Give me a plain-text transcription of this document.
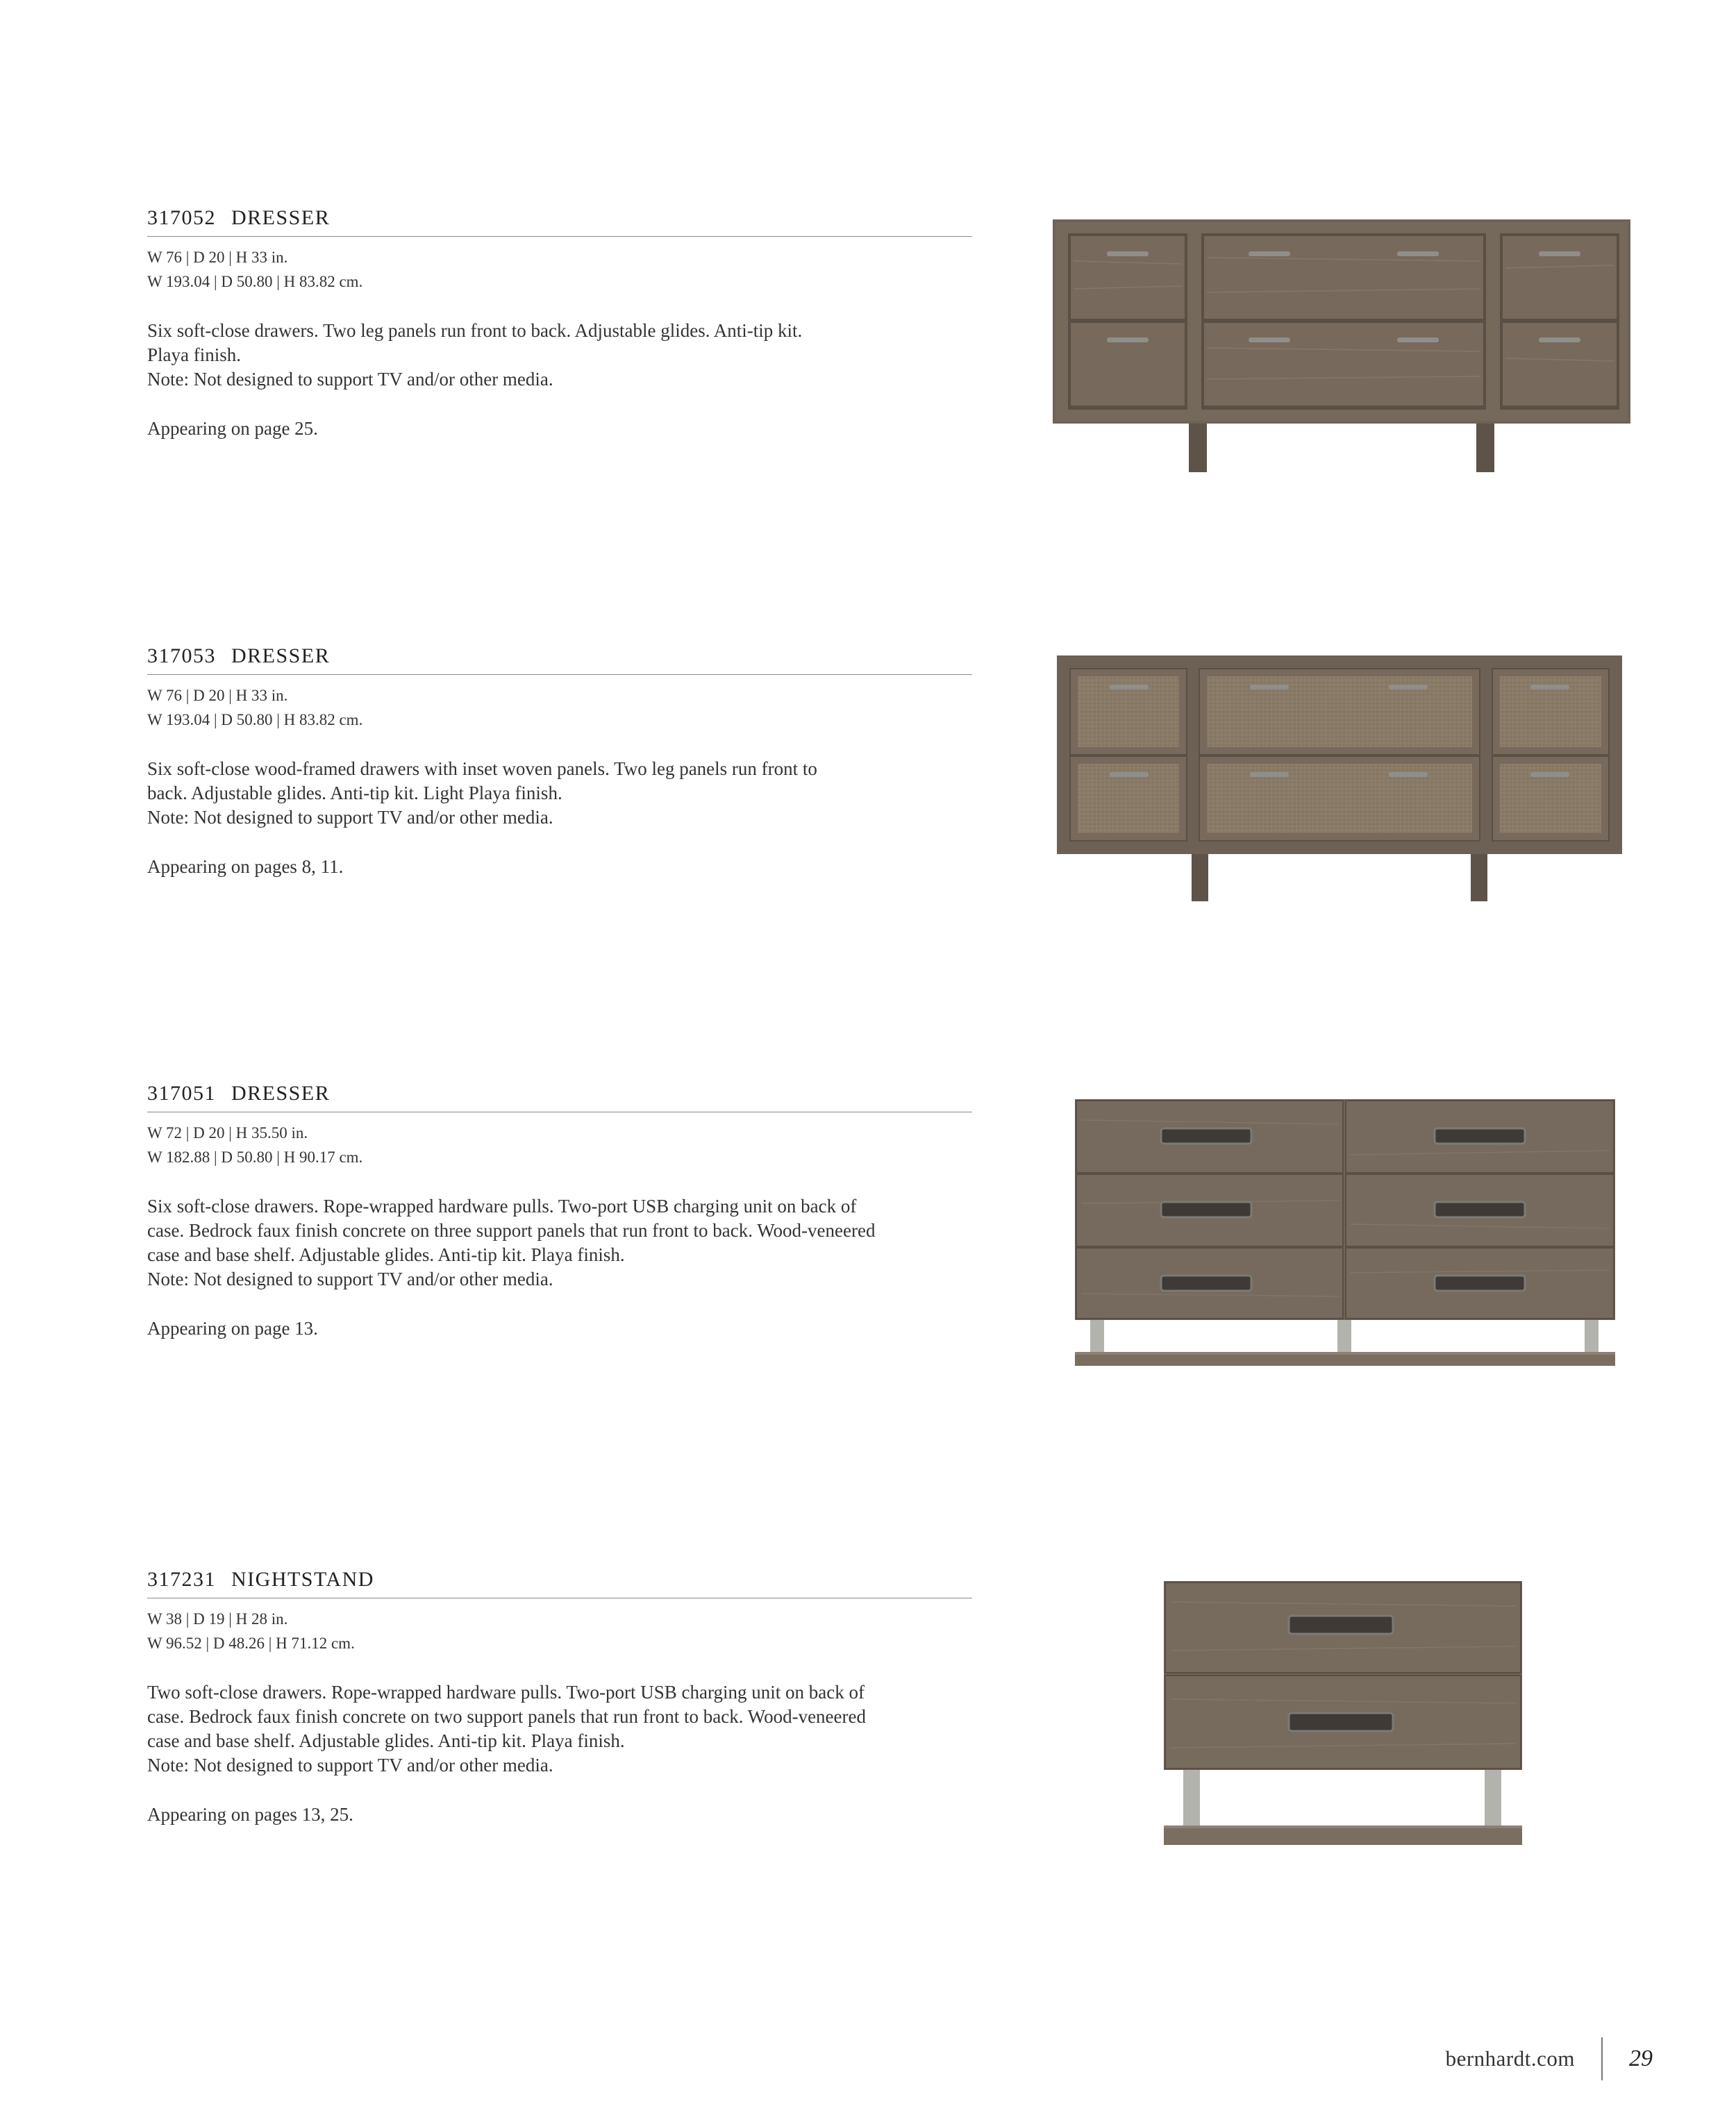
317052 DRESSER
W 76 | D 20 | H 33 in.
W 193.04 | D 50.80 | H 83.82 cm.

Six soft-close drawers. Two leg panels run front to back. Adjustable glides. Anti-tip kit.

Playa finish.

Note: Not designed to support TV and/or other media.

Appearing on page 25.
317053 DRESSER
W 76 | D 20 | H 33 in.
W 193.04 | D 50.80 | H 83.82 cm.

Six soft-close wood-framed drawers with inset woven panels. Two leg panels run front to

back. Adjustable glides. Anti-tip kit. Light Playa finish.

Note: Not designed to support TV and/or other media.

Appearing on pages 8, 11.
317051 DRESSER
W 72 | D 20 | H 35.50 in.
W 182.88 | D 50.80 | H 90.17 cm.

Six soft-close drawers. Rope-wrapped hardware pulls. Two-port USB charging unit on back of

case. Bedrock faux finish concrete on three support panels that run front to back. Wood-veneered

case and base shelf. Adjustable glides. Anti-tip kit. Playa finish.

Note: Not designed to support TV and/or other media.

Appearing on page 13.
317231 NIGHTSTAND
W 38 | D 19 | H 28 in.
W 96.52 | D 48.26 | H 71.12 cm.

Two soft-close drawers. Rope-wrapped hardware pulls. Two-port USB charging unit on back of

case. Bedrock faux finish concrete on two support panels that run front to back. Wood-veneered

case and base shelf. Adjustable glides. Anti-tip kit. Playa finish.

Note: Not designed to support TV and/or other media.

Appearing on pages 13, 25.
bernhardt.com 29
